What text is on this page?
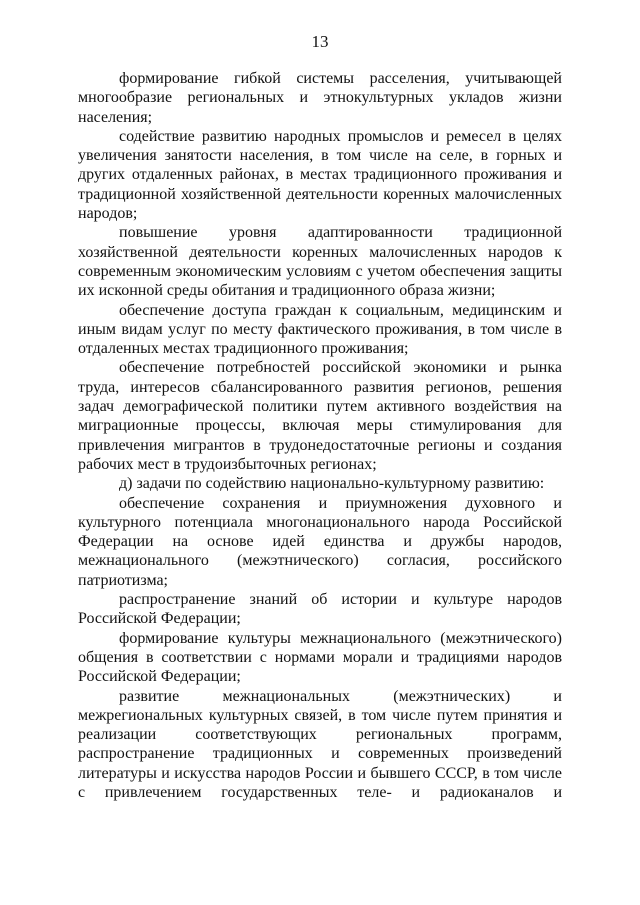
13

формирование гибкой системы расселения, учитывающей многообразие региональных и этнокультурных укладов жизни населения;

содействие развитию народных промыслов и ремесел в целях увеличения занятости населения, в том числе на селе, в горных и других отдаленных районах, в местах традиционного проживания и традиционной хозяйственной деятельности коренных малочисленных народов;

повышение уровня адаптированности традиционной хозяйственной деятельности коренных малочисленных народов к современным экономическим условиям с учетом обеспечения защиты их исконной среды обитания и традиционного образа жизни;

обеспечение доступа граждан к социальным, медицинским и иным видам услуг по месту фактического проживания, в том числе в отдаленных местах традиционного проживания;

обеспечение потребностей российской экономики и рынка труда, интересов сбалансированного развития регионов, решения задач демографической политики путем активного воздействия на миграционные процессы, включая меры стимулирования для привлечения мигрантов в трудонедостаточные регионы и создания рабочих мест в трудоизбыточных регионах;

д) задачи по содействию национально-культурному развитию:

обеспечение сохранения и приумножения духовного и культурного потенциала многонационального народа Российской Федерации на основе идей единства и дружбы народов, межнационального (межэтнического) согласия, российского патриотизма;

распространение знаний об истории и культуре народов Российской Федерации;

формирование культуры межнационального (межэтнического) общения в соответствии с нормами морали и традициями народов Российской Федерации;

развитие межнациональных (межэтнических) и межрегиональных культурных связей, в том числе путем принятия и реализации соответствующих региональных программ, распространение традиционных и современных произведений литературы и искусства народов России и бывшего СССР, в том числе с привлечением государственных теле- и радиоканалов и
